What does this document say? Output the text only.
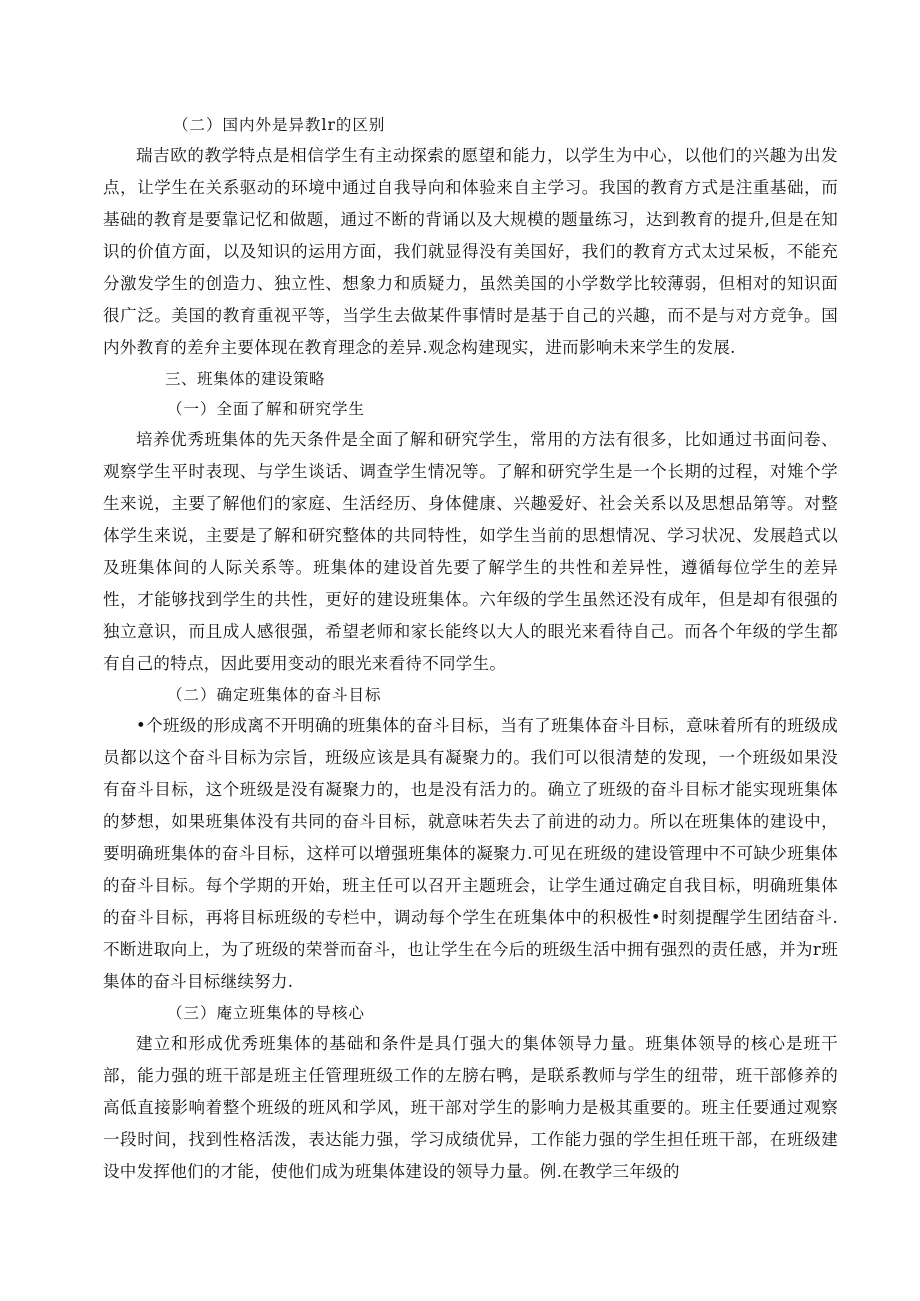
（二）国内外是异教lr的区别

瑞吉欧的教学特点是相信学生有主动探索的愿望和能力，以学生为中心，以他们的兴趣为出发点，让学生在关系驱动的环境中通过自我导向和体验来自主学习。我国的教育方式是注重基础，而基础的教育是要靠记忆和做题，通过不断的背诵以及大规模的题量练习，达到教育的提升,但是在知识的价值方面，以及知识的运用方面，我们就显得没有美国好，我们的教育方式太过呆板，不能充分激发学生的创造力、独立性、想象力和质疑力，虽然美国的小学数学比较薄弱，但相对的知识面很广泛。美国的教育重视平等，当学生去做某件事情时是基于自己的兴趣，而不是与对方竞争。国内外教育的差弁主要体现在教育理念的差异.观念构建现实，进而影响未来学生的发展.

三、班集体的建设策略

（一）全面了解和研究学生

培养优秀班集体的先天条件是全面了解和研究学生，常用的方法有很多，比如通过书面问卷、观察学生平时表现、与学生谈话、调查学生情况等。了解和研究学生是一个长期的过程，对雉个学生来说，主要了解他们的家庭、生活经历、身体健康、兴趣爱好、社会关系以及思想品第等。对整体学生来说，主要是了解和研究整体的共同特性，如学生当前的思想情况、学习状况、发展趋式以及班集体间的人际关系等。班集体的建设首先要了解学生的共性和差异性，遵循每位学生的差异性，才能够找到学生的共性，更好的建设班集体。六年级的学生虽然还没有成年，但是却有很强的独立意识，而且成人感很强，希望老师和家长能终以大人的眼光来看待自己。而各个年级的学生都有自己的特点，因此要用变动的眼光来看待不同学生。

（二）确定班集体的奋斗目标

•个班级的形成离不开明确的班集体的奋斗目标，当有了班集体奋斗目标，意味着所有的班级成员都以这个奋斗目标为宗旨，班级应该是具有凝聚力的。我们可以很清楚的发现，一个班级如果没有奋斗目标，这个班级是没有凝聚力的，也是没有活力的。确立了班级的奋斗目标才能实现班集体的梦想，如果班集体没有共同的奋斗目标，就意味若失去了前进的动力。所以在班集体的建设中，要明确班集体的奋斗目标，这样可以增强班集体的凝聚力.可见在班级的建设管理中不可缺少班集体的奋斗目标。每个学期的开始，班主任可以召开主题班会，让学生通过确定自我目标，明确班集体的奋斗目标，再将目标班级的专栏中，调动每个学生在班集体中的积极性•时刻提醒学生团结奋斗.不断进取向上，为了班级的荣誉而奋斗，也让学生在今后的班级生活中拥有强烈的责任感，并为r班集体的奋斗目标继续努力.

（三）庵立班集体的导核心

建立和形成优秀班集体的基础和条件是具仃强大的集体领导力量。班集体领导的核心是班干部，能力强的班干部是班主任管理班级工作的左膀右鸭，是联系教师与学生的纽带，班干部修养的高低直接影响着整个班级的班风和学风，班干部对学生的影响力是极其重要的。班主任要通过观察一段时间，找到性格活泼，表达能力强，学习成绩优异，工作能力强的学生担任班干部，在班级建设中发挥他们的才能，使他们成为班集体建设的领导力量。例.在教学三年级的
